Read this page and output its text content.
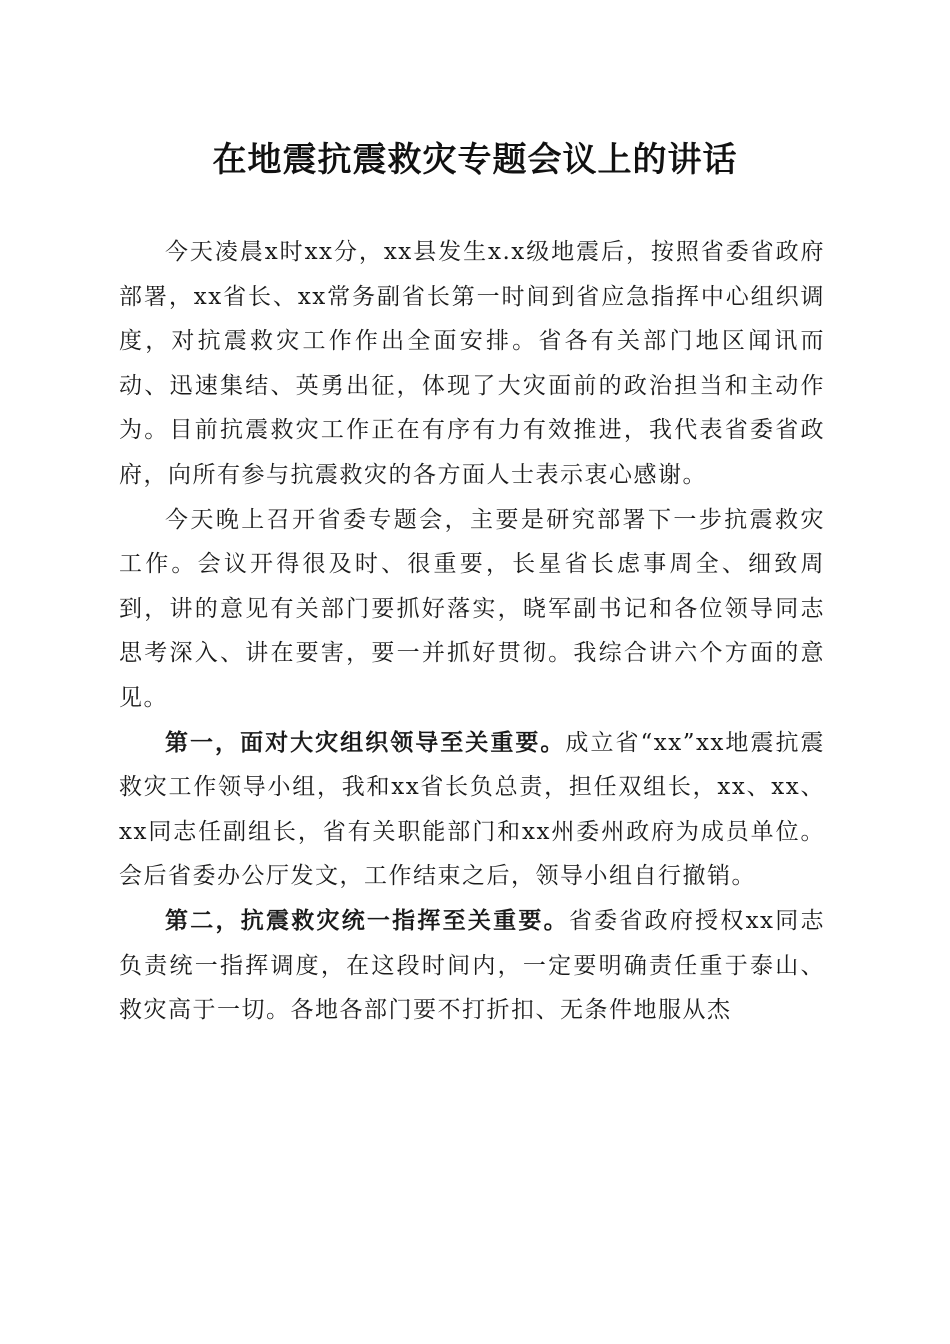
在地震抗震救灾专题会议上的讲话

今天凌晨x时xx分，xx县发生x.x级地震后，按照省委省政府部署，xx省长、xx常务副省长第一时间到省应急指挥中心组织调度，对抗震救灾工作作出全面安排。省各有关部门地区闻讯而动、迅速集结、英勇出征，体现了大灾面前的政治担当和主动作为。目前抗震救灾工作正在有序有力有效推进，我代表省委省政府，向所有参与抗震救灾的各方面人士表示衷心感谢。

今天晚上召开省委专题会，主要是研究部署下一步抗震救灾工作。会议开得很及时、很重要，长星省长虑事周全、细致周到，讲的意见有关部门要抓好落实，晓军副书记和各位领导同志思考深入、讲在要害，要一并抓好贯彻。我综合讲六个方面的意见。

第一，面对大灾组织领导至关重要。成立省“xx”xx地震抗震救灾工作领导小组，我和xx省长负总责，担任双组长，xx、xx、xx同志任副组长，省有关职能部门和xx州委州政府为成员单位。会后省委办公厅发文，工作结束之后，领导小组自行撤销。

第二，抗震救灾统一指挥至关重要。省委省政府授权xx同志负责统一指挥调度，在这段时间内，一定要明确责任重于泰山、救灾高于一切。各地各部门要不打折扣、无条件地服从杰
